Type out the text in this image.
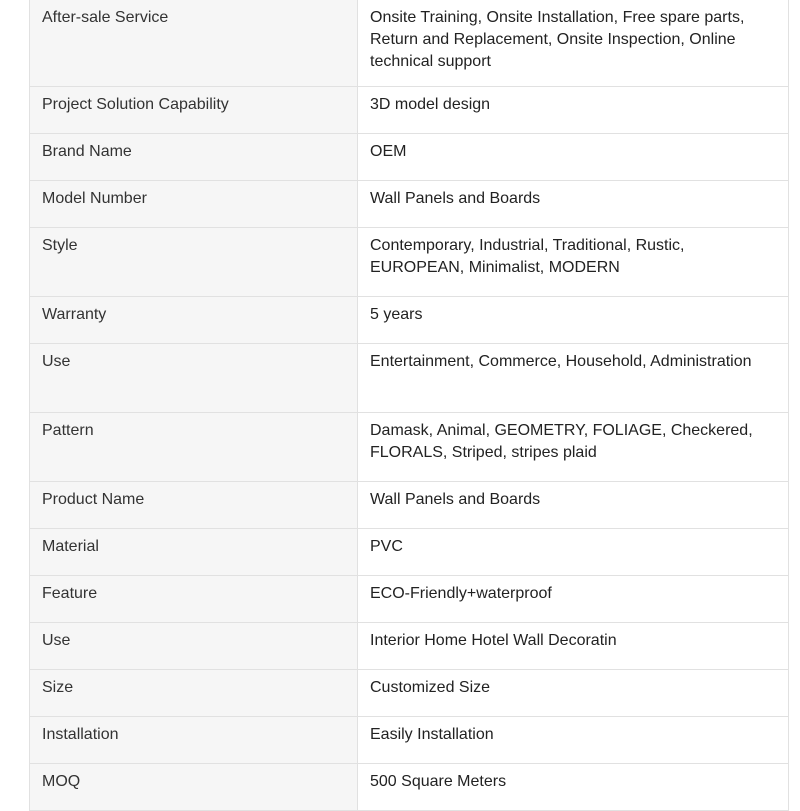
After-sale Service	Onsite Training, Onsite Installation, Free spare parts, Return and Replacement, Onsite Inspection, Online technical support
Project Solution Capability	3D model design
Brand Name	OEM
Model Number	Wall Panels and Boards
Style	Contemporary, Industrial, Traditional, Rustic, EUROPEAN, Minimalist, MODERN
Warranty	5 years
Use	Entertainment, Commerce, Household, Administration
Pattern	Damask, Animal, GEOMETRY, FOLIAGE, Checkered, FLORALS, Striped, stripes plaid
Product Name	Wall Panels and Boards
Material	PVC
Feature	ECO-Friendly+waterproof
Use	Interior Home Hotel Wall Decoratin
Size	Customized Size
Installation	Easily Installation
MOQ	500 Square Meters
